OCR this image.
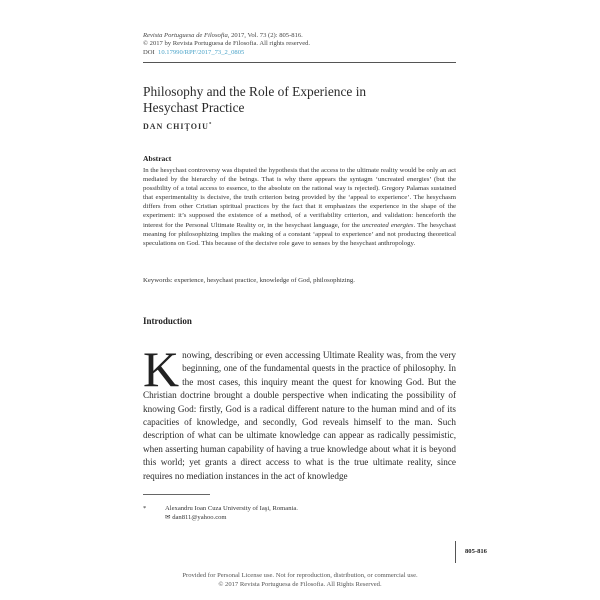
Revista Portuguesa de Filosofia, 2017, Vol. 73 (2): 805-816.
© 2017 by Revista Portuguesa de Filosofia. All rights reserved.
DOI 10.17990/RPF/2017_73_2_0805
Philosophy and the Role of Experience in
Hesychast Practice
DAN CHIŢOIU*
Abstract
In the hesychast controversy was disputed the hypothesis that the access to the ultimate reality would be only an act mediated by the hierarchy of the beings. That is why there appears the syntagm ‘uncreated energies’ (but the possibility of a total access to essence, to the absolute on the rational way is rejected). Gregory Palamas sustained that experimentality is decisive, the truth criterion being provided by the ‘appeal to experience’. The hesychasm differs from other Cristian spiritual practices by the fact that it emphasizes the experience in the shape of the experiment: it’s supposed the existence of a method, of a verifiability criterion, and validation: henceforth the interest for the Personal Ultimate Reality or, in the hesychast language, for the uncreated energies. The hesychast meaning for philosophizing implies the making of a constant ‘appeal to experience’ and not producing theoretical speculations on God. This because of the decisive role gave to senses by the hesychast anthropology.
Keywords: experience, hesychast practice, knowledge of God, philosophizing.
Introduction
Knowing, describing or even accessing Ultimate Reality was, from the very beginning, one of the fundamental quests in the practice of philosophy. In the most cases, this inquiry meant the quest for knowing God. But the Christian doctrine brought a double perspective when indicating the possibility of knowing God: firstly, God is a radical different nature to the human mind and of its capacities of knowledge, and secondly, God reveals himself to the man. Such description of what can be ultimate knowledge can appear as radically pessimistic, when asserting human capability of having a true knowledge about what it is beyond this world; yet grants a direct access to what is the true ultimate reality, since requires no mediation instances in the act of knowledge
*	Alexandru Ioan Cuza University of Iaşi, Romania.
✉ dan811@yahoo.com
805-816
Provided for Personal License use. Not for reproduction, distribution, or commercial use.
© 2017 Revista Portuguesa de Filosofia. All Rights Reserved.
